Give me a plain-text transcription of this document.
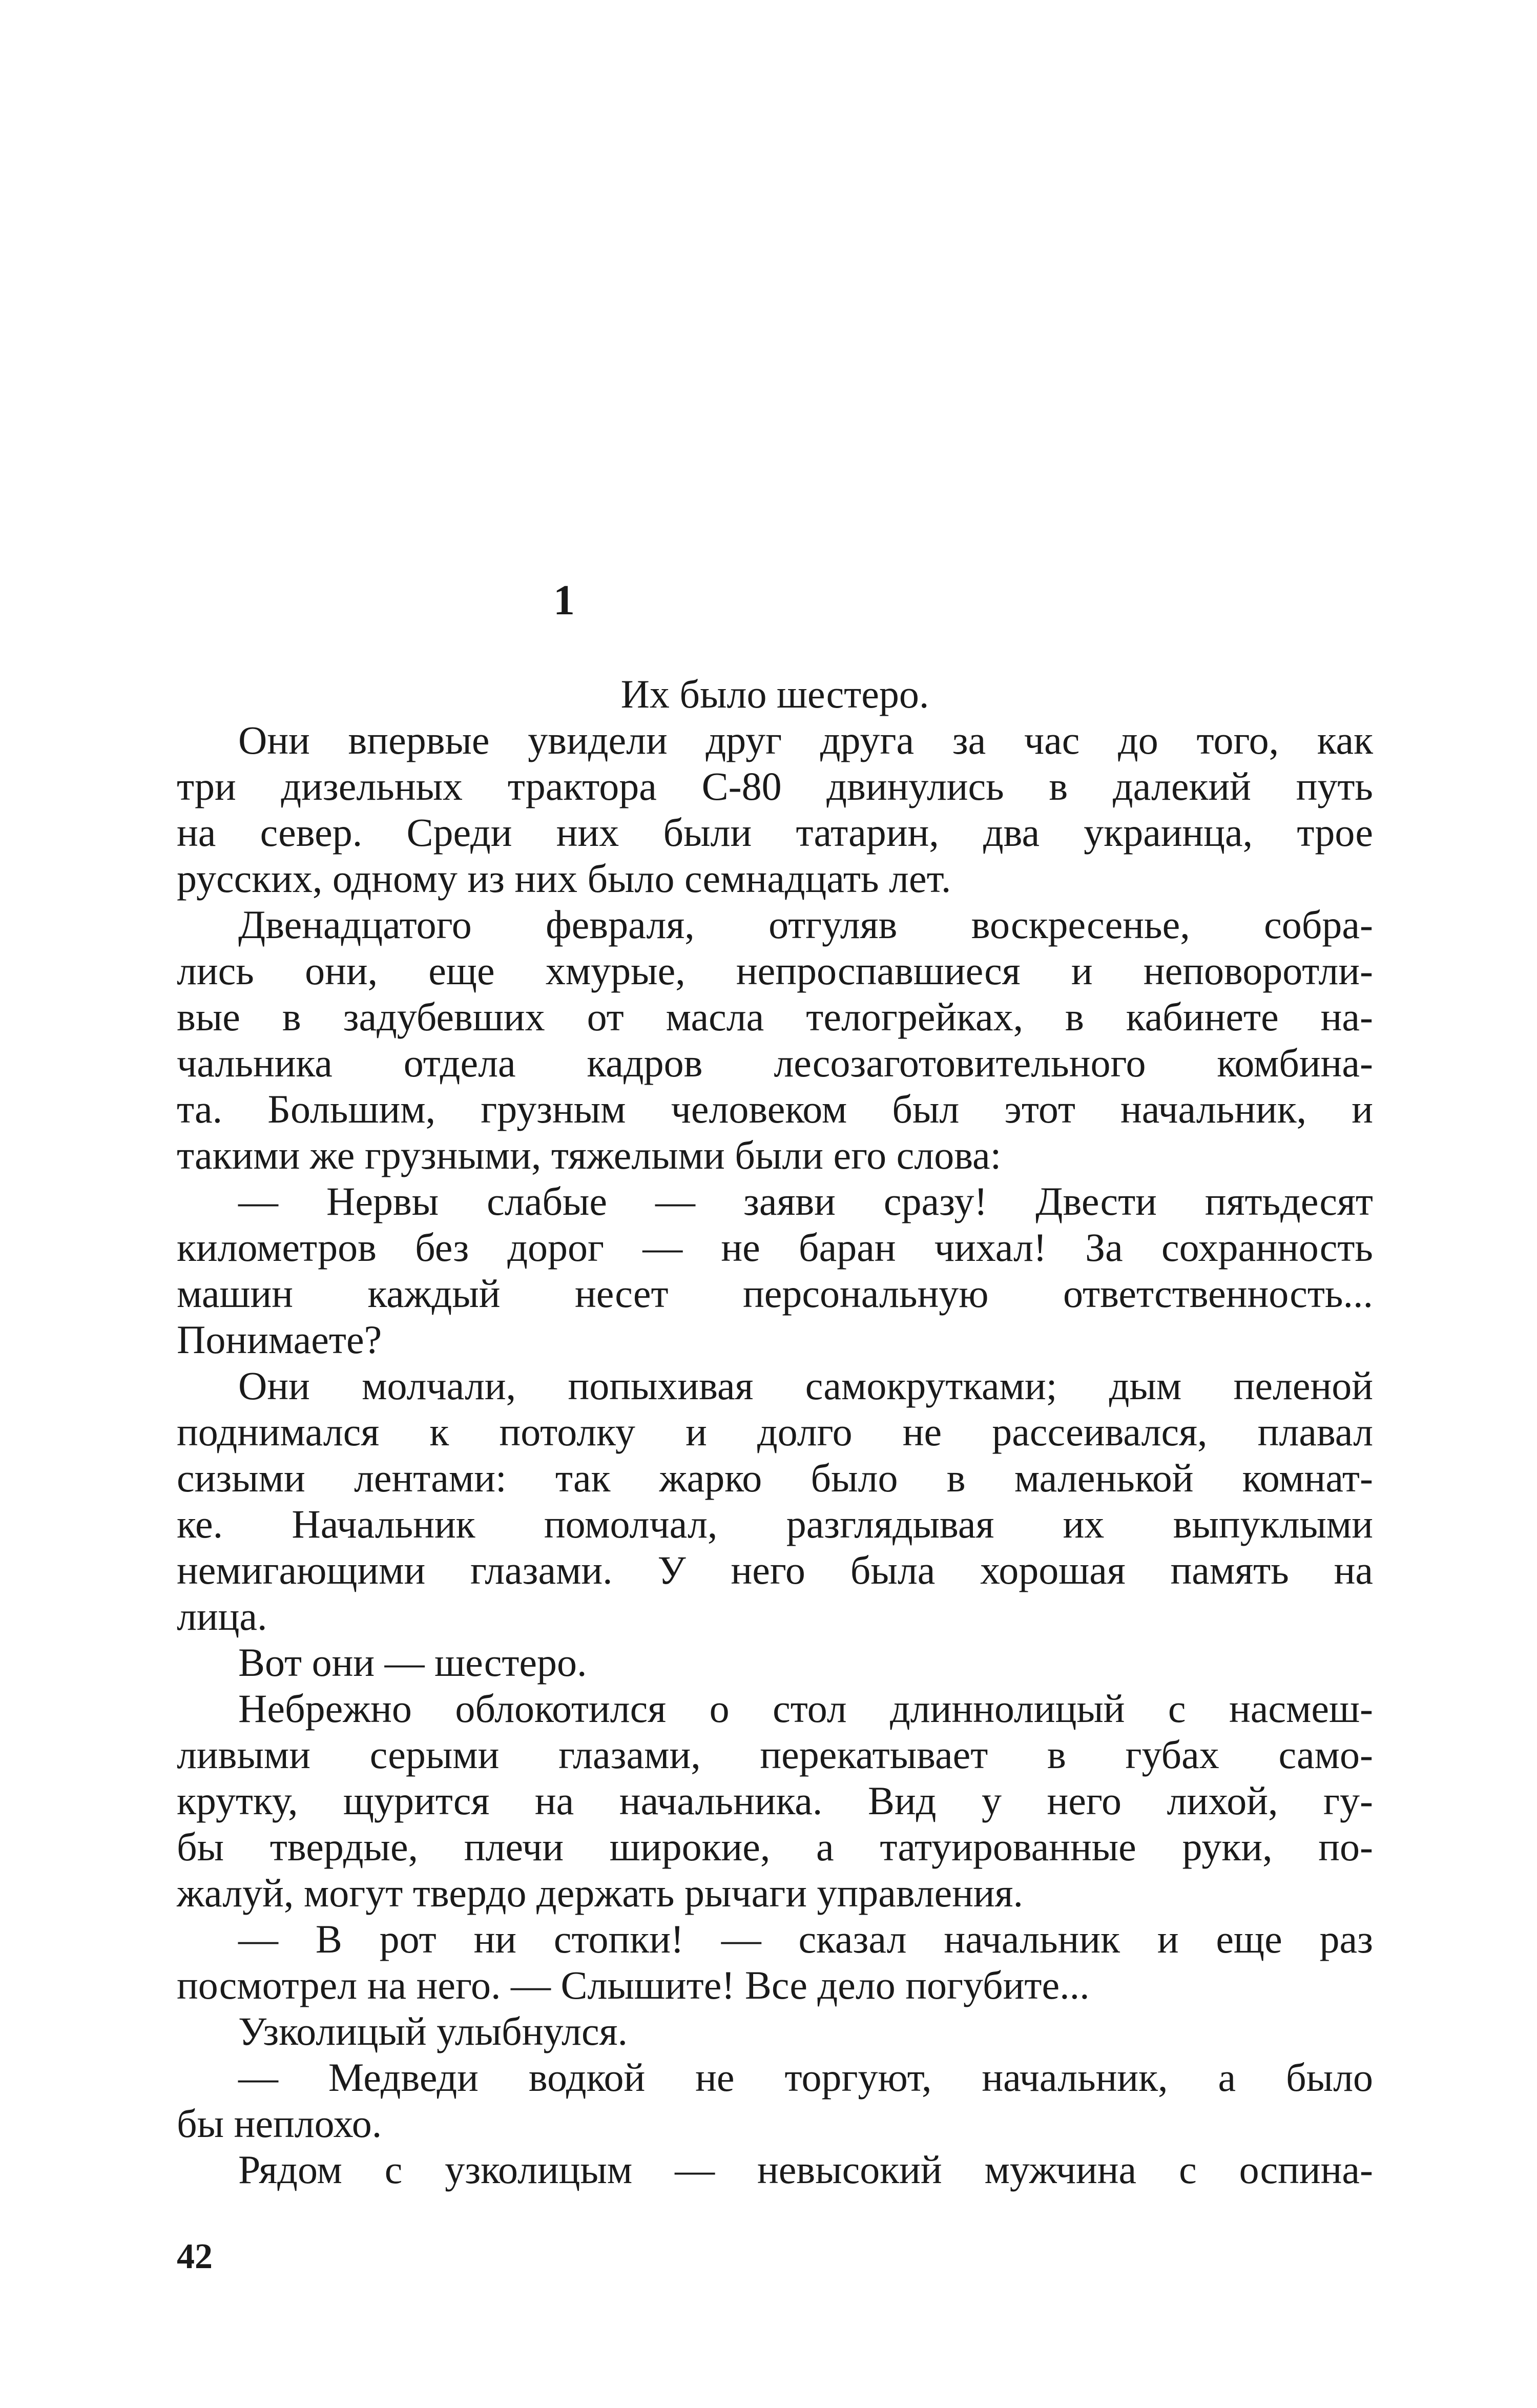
1
Их было шестеро.
Они впервые увидели друг друга за час до того, как
три дизельных трактора С-80 двинулись в далекий путь
на север. Среди них были татарин, два украинца, трое
русских, одному из них было семнадцать лет.
Двенадцатого февраля, отгуляв воскресенье, собра-
лись они, еще хмурые, непроспавшиеся и неповоротли-
вые в задубевших от масла телогрейках, в кабинете на-
чальника отдела кадров лесозаготовительного комбина-
та. Большим, грузным человеком был этот начальник, и
такими же грузными, тяжелыми были его слова:
— Нервы слабые — заяви сразу! Двести пятьдесят
километров без дорог — не баран чихал! За сохранность
машин каждый несет персональную ответственность...
Понимаете?
Они молчали, попыхивая самокрутками; дым пеленой
поднимался к потолку и долго не рассеивался, плавал
сизыми лентами: так жарко было в маленькой комнат-
ке. Начальник помолчал, разглядывая их выпуклыми
немигающими глазами. У него была хорошая память на
лица.
Вот они — шестеро.
Небрежно облокотился о стол длиннолицый с насмеш-
ливыми серыми глазами, перекатывает в губах само-
крутку, щурится на начальника. Вид у него лихой, гу-
бы твердые, плечи широкие, а татуированные руки, по-
жалуй, могут твердо держать рычаги управления.
— В рот ни стопки! — сказал начальник и еще раз
посмотрел на него. — Слышите! Все дело погубите...
Узколицый улыбнулся.
— Медведи водкой не торгуют, начальник, а было
бы неплохо.
Рядом с узколицым — невысокий мужчина с оспина-
42
